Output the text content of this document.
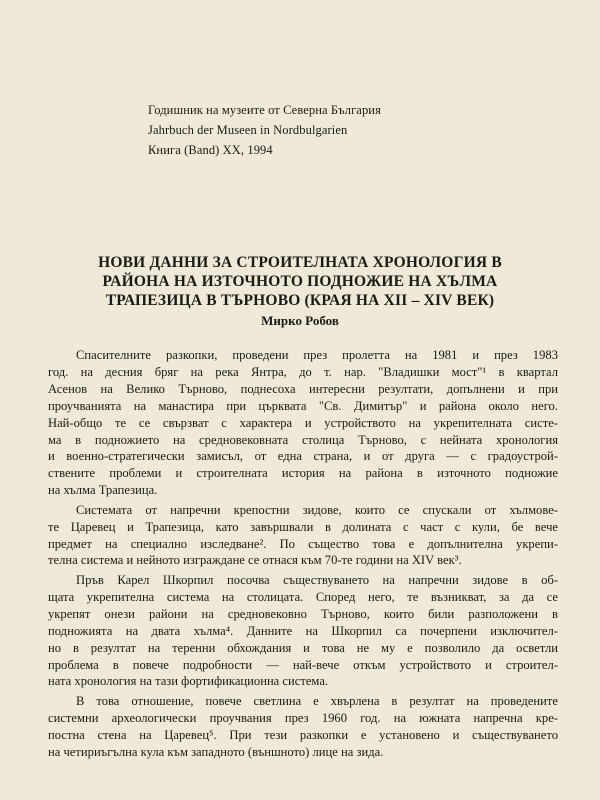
Годишник на музеите от Северна България
Jahrbuch der Museen in Nordbulgarien
Книга (Band) XX, 1994
НОВИ ДАННИ ЗА СТРОИТЕЛНАТА ХРОНОЛОГИЯ В
РАЙОНА НА ИЗТОЧНОТО ПОДНОЖИЕ НА ХЪЛМА
ТРАПЕЗИЦА В ТЪРНОВО (КРАЯ НА XII – XIV ВЕК)
Мирко Робов
Спасителните разкопки, проведени през пролетта на 1981 и през 1983
год. на десния бряг на река Янтра, до т. нар. "Владишки мост"¹ в квартал
Асенов на Велико Търново, поднесоха интересни резултати, допълнени и при
проучванията на манастира при църквата "Св. Димитър" и района около него.
Най-общо те се свързват с характера и устройството на укрепителната систе-
ма в подножието на средновековната столица Търново, с нейната хронология
и военно-стратегически замисъл, от една страна, и от друга — с градоустрой-
ствените проблеми и строителната история на района в източното подножие
на хълма Трапезица.
Системата от напречни крепостни зидове, които се спускали от хълмове-
те Царевец и Трапезица, като завършвали в долината с част с кули, бе вече
предмет на специално изследване². По същество това е допълнителна укрепи-
телна система и нейното изграждане се отнася към 70-те години на XIV век³.
Пръв Карел Шкорпил посочва съществуването на напречни зидове в об-
щата укрепителна система на столицата. Според него, те възникват, за да се
укрепят онези райони на средновековно Търново, които били разположени в
подножията на двата хълма⁴. Данните на Шкорпил са почерпени изключител-
но в резултат на теренни обхождания и това не му е позволило да осветли
проблема в повече подробности — най-вече откъм устройството и строител-
ната хронология на тази фортификационна система.
В това отношение, повече светлина е хвърлена в резултат на проведените
системни археологически проучвания през 1960 год. на южната напречна кре-
постна стена на Царевец⁵. При тези разкопки е установено и съществуването
на четириъгълна кула към западното (външното) лице на зида.
